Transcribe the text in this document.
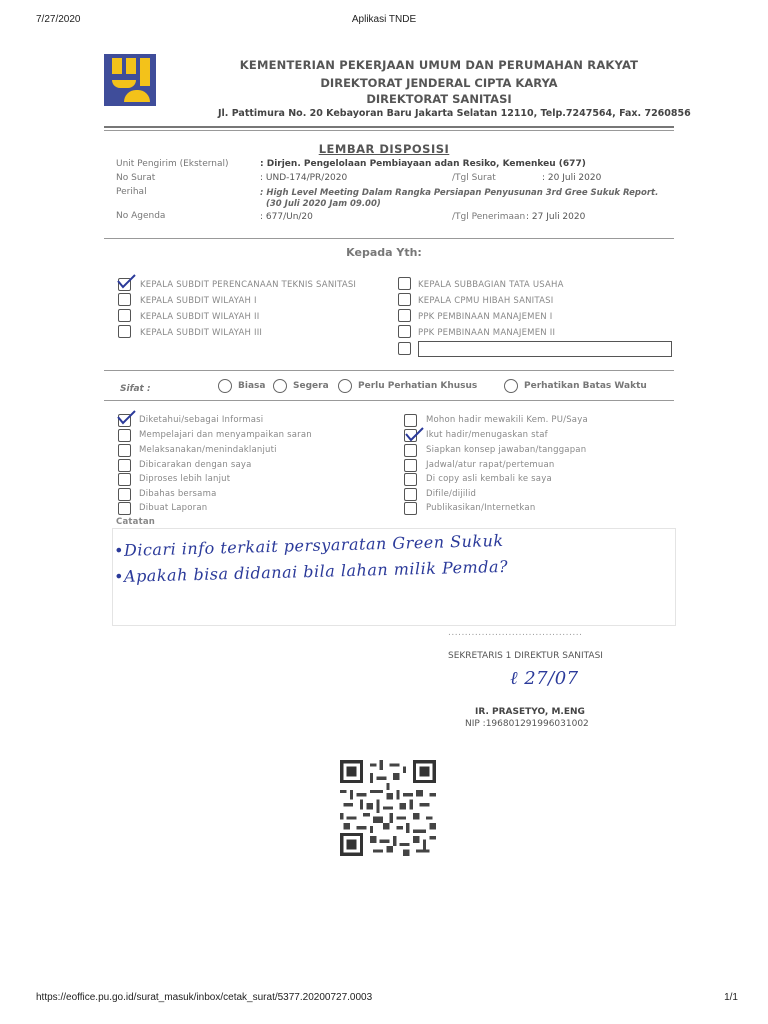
7/27/2020	Aplikasi TNDE
KEMENTERIAN PEKERJAAN UMUM DAN PERUMAHAN RAKYAT
DIREKTORAT JENDERAL CIPTA KARYA
DIREKTORAT SANITASI
Jl. Pattimura No. 20 Kebayoran Baru Jakarta Selatan 12110, Telp.7247564, Fax. 7260856
LEMBAR DISPOSISI
Unit Pengirim (Eksternal)	: Dirjen. Pengelolaan Pembiayaan adan Resiko, Kemenkeu (677)
No Surat	: UND-174/PR/2020	/Tgl Surat	: 20 Juli 2020
Perihal	: High Level Meeting Dalam Rangka Persiapan Penyusunan 3rd Gree Sukuk Report.
(30 Juli 2020 Jam 09.00)
No Agenda	: 677/Un/20	/Tgl Penerimaan : 27 Juli 2020
Kepada Yth:
KEPALA SUBDIT PERENCANAAN TEKNIS SANITASI
KEPALA SUBDIT WILAYAH I
KEPALA SUBDIT WILAYAH II
KEPALA SUBDIT WILAYAH III
KEPALA SUBBAGIAN TATA USAHA
KEPALA CPMU HIBAH SANITASI
PPK PEMBINAAN MANAJEMEN I
PPK PEMBINAAN MANAJEMEN II
Sifat :	Biasa	Segera	Perlu Perhatian Khusus	Perhatikan Batas Waktu
Diketahui/sebagai Informasi
Mempelajari dan menyampaikan saran
Melaksanakan/menindaklanjuti
Dibicarakan dengan saya
Diproses lebih lanjut
Dibahas bersama
Dibuat Laporan
Mohon hadir mewakili Kem. PU/Saya
Ikut hadir/menugaskan staf
Siapkan konsep jawaban/tanggapan
Jadwal/atur rapat/pertemuan
Di copy asli kembali ke saya
Difile/dijilid
Publikasikan/Internetkan
Catatan
•Dicari info terkait persyaratan Green Sukuk
•Apakah bisa didanai bila lahan milik Pemda?
........................................
SEKRETARIS 1 DIREKTUR SANITASI
ℓ 27/07
IR. PRASETYO, M.ENG
NIP :196801291996031002
https://eoffice.pu.go.id/surat_masuk/inbox/cetak_surat/5377.20200727.0003	1/1
